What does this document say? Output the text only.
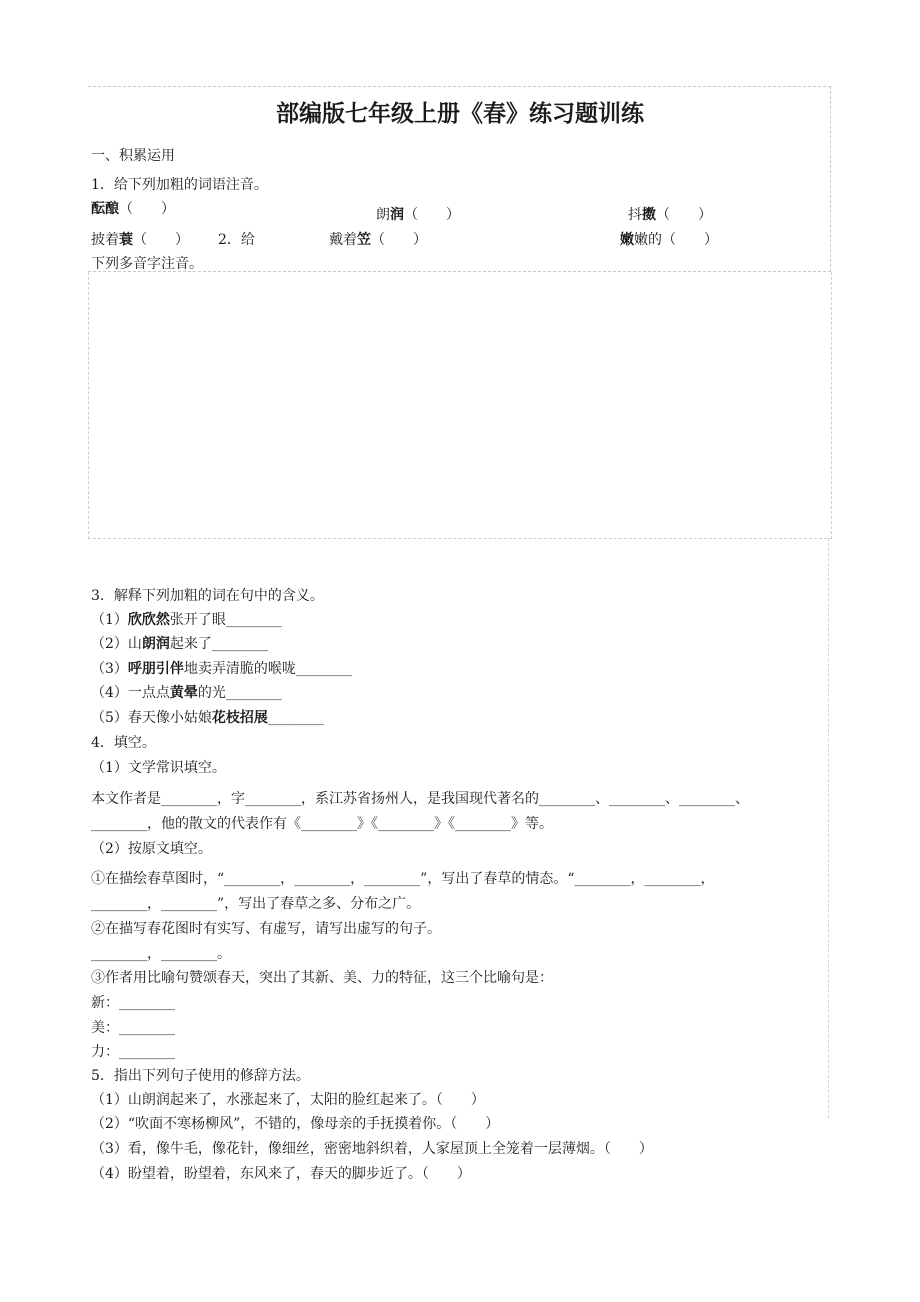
部编版七年级上册《春》练习题训练
一、积累运用
1．给下列加粗的词语注音。
酝酿（　　）	朗润（　　）	抖擞（　　）
披着蓑（　　） 2．给	戴着笠（　　）	嫩嫩的（　　）
下列多音字注音。
3．解释下列加粗的词在句中的含义。
（1）欣欣然张开了眼________
（2）山朗润起来了________
（3）呼朋引伴地卖弄清脆的喉咙________
（4）一点点黄晕的光________
（5）春天像小姑娘花枝招展________
4．填空。
（1）文学常识填空。
本文作者是________，字________，系江苏省扬州人，是我国现代著名的________、________、________、
________，他的散文的代表作有《________》《________》《________》等。
（2）按原文填空。
①在描绘春草图时，“________，________，________”，写出了春草的情态。“________，________，
________，________”，写出了春草之多、分布之广。
②在描写春花图时有实写、有虚写，请写出虚写的句子。
________，________。
③作者用比喻句赞颂春天，突出了其新、美、力的特征，这三个比喻句是：
新：________
美：________
力：________
5．指出下列句子使用的修辞方法。
（1）山朗润起来了，水涨起来了，太阳的脸红起来了。（　　）
（2）“吹面不寒杨柳风”，不错的，像母亲的手抚摸着你。（　　）
（3）看，像牛毛，像花针，像细丝，密密地斜织着，人家屋顶上全笼着一层薄烟。（　　）
（4）盼望着，盼望着，东风来了，春天的脚步近了。（　　）
